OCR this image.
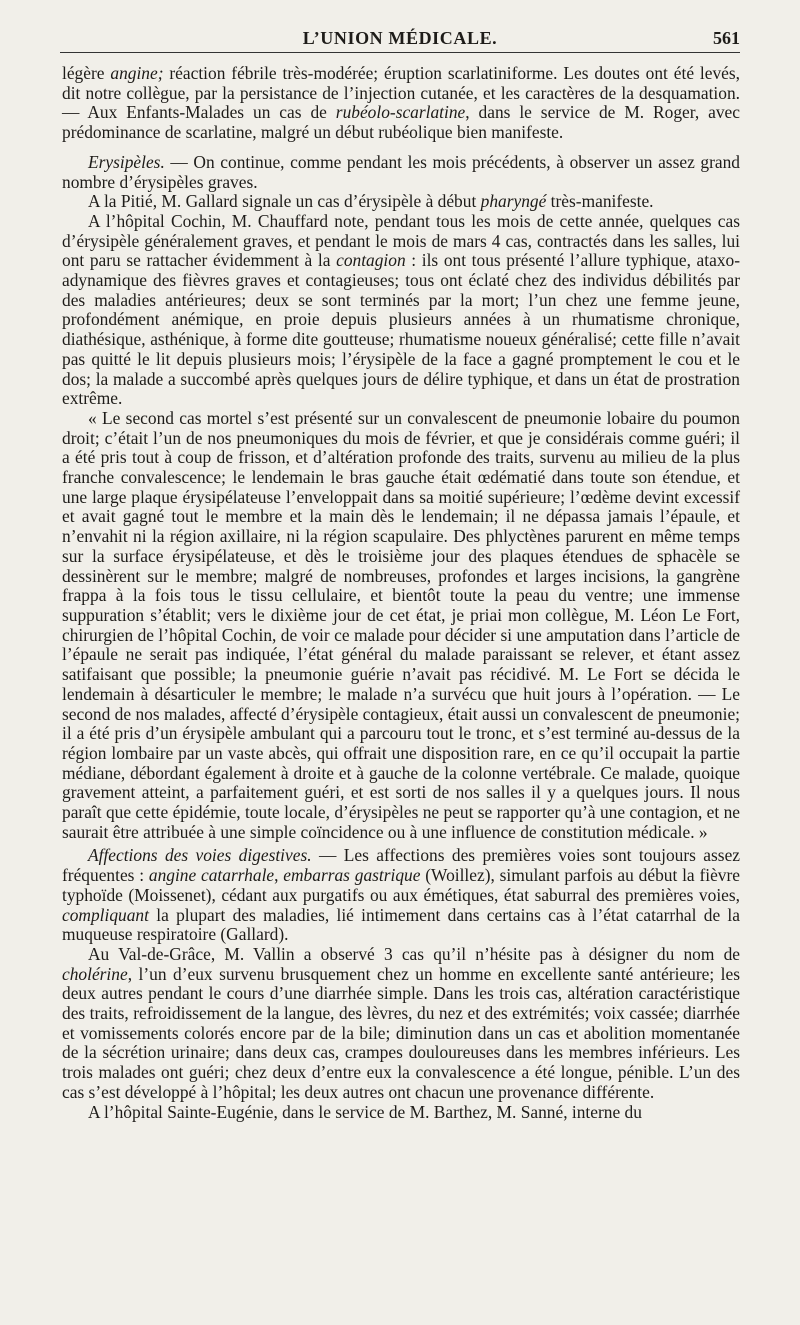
L’UNION MÉDICALE.	561

légère angine; réaction fébrile très-modérée; éruption scarlatiniforme. Les doutes ont été levés, dit notre collègue, par la persistance de l’injection cutanée, et les caractères de la desquamation.— Aux Enfants-Malades un cas de rubéolo-scarlatine, dans le service de M. Roger, avec prédominance de scarlatine, malgré un début rubéolique bien manifeste.

Erysipèles. — On continue, comme pendant les mois précédents, à observer un assez grand nombre d’érysipèles graves.

A la Pitié, M. Gallard signale un cas d’érysipèle à début pharyngé très-manifeste.

A l’hôpital Cochin, M. Chauffard note, pendant tous les mois de cette année, quelques cas d’érysipèle généralement graves, et pendant le mois de mars 4 cas, contractés dans les salles, lui ont paru se rattacher évidemment à la contagion : ils ont tous présenté l’allure typhique, ataxo-adynamique des fièvres graves et contagieuses; tous ont éclaté chez des individus débilités par des maladies antérieures; deux se sont terminés par la mort; l’un chez une femme jeune, profondément anémique, en proie depuis plusieurs années à un rhumatisme chronique, diathésique, asthénique, à forme dite goutteuse; rhumatisme noueux généralisé; cette fille n’avait pas quitté le lit depuis plusieurs mois; l’érysipèle de la face a gagné promptement le cou et le dos; la malade a succombé après quelques jours de délire typhique, et dans un état de prostration extrême.

« Le second cas mortel s’est présenté sur un convalescent de pneumonie lobaire du poumon droit; c’était l’un de nos pneumoniques du mois de février, et que je considérais comme guéri; il a été pris tout à coup de frisson, et d’altération profonde des traits, survenu au milieu de la plus franche convalescence; le lendemain le bras gauche était œdématié dans toute son étendue, et une large plaque érysipélateuse l’enveloppait dans sa moitié supérieure; l’œdème devint excessif et avait gagné tout le membre et la main dès le lendemain; il ne dépassa jamais l’épaule, et n’envahit ni la région axillaire, ni la région scapulaire. Des phlyctènes parurent en même temps sur la surface érysipélateuse, et dès le troisième jour des plaques étendues de sphacèle se dessinèrent sur le membre; malgré de nombreuses, profondes et larges incisions, la gangrène frappa à la fois tous le tissu cellulaire, et bientôt toute la peau du ventre; une immense suppuration s’établit; vers le dixième jour de cet état, je priai mon collègue, M. Léon Le Fort, chirurgien de l’hôpital Cochin, de voir ce malade pour décider si une amputation dans l’article de l’épaule ne serait pas indiquée, l’état général du malade paraissant se relever, et étant assez satifaisant que possible; la pneumonie guérie n’avait pas récidivé. M. Le Fort se décida le lendemain à désarticuler le membre; le malade n’a survécu que huit jours à l’opération. — Le second de nos malades, affecté d’érysipèle contagieux, était aussi un convalescent de pneumonie; il a été pris d’un érysipèle ambulant qui a parcouru tout le tronc, et s’est terminé au-dessus de la région lombaire par un vaste abcès, qui offrait une disposition rare, en ce qu’il occupait la partie médiane, débordant également à droite et à gauche de la colonne vertébrale. Ce malade, quoique gravement atteint, a parfaitement guéri, et est sorti de nos salles il y a quelques jours. Il nous paraît que cette épidémie, toute locale, d’érysipèles ne peut se rapporter qu’à une contagion, et ne saurait être attribuée à une simple coïncidence ou à une influence de constitution médicale. »

Affections des voies digestives. — Les affections des premières voies sont toujours assez fréquentes : angine catarrhale, embarras gastrique (Woillez), simulant parfois au début la fièvre typhoïde (Moissenet), cédant aux purgatifs ou aux émétiques, état saburral des premières voies, compliquant la plupart des maladies, lié intimement dans certains cas à l’état catarrhal de la muqueuse respiratoire (Gallard).

Au Val-de-Grâce, M. Vallin a observé 3 cas qu’il n’hésite pas à désigner du nom de cholérine, l’un d’eux survenu brusquement chez un homme en excellente santé antérieure; les deux autres pendant le cours d’une diarrhée simple. Dans les trois cas, altération caractéristique des traits, refroidissement de la langue, des lèvres, du nez et des extrémités; voix cassée; diarrhée et vomissements colorés encore par de la bile; diminution dans un cas et abolition momentanée de la sécrétion urinaire; dans deux cas, crampes douloureuses dans les membres inférieurs. Les trois malades ont guéri; chez deux d’entre eux la convalescence a été longue, pénible. L’un des cas s’est développé à l’hôpital; les deux autres ont chacun une provenance différente.

A l’hôpital Sainte-Eugénie, dans le service de M. Barthez, M. Sanné, interne du
